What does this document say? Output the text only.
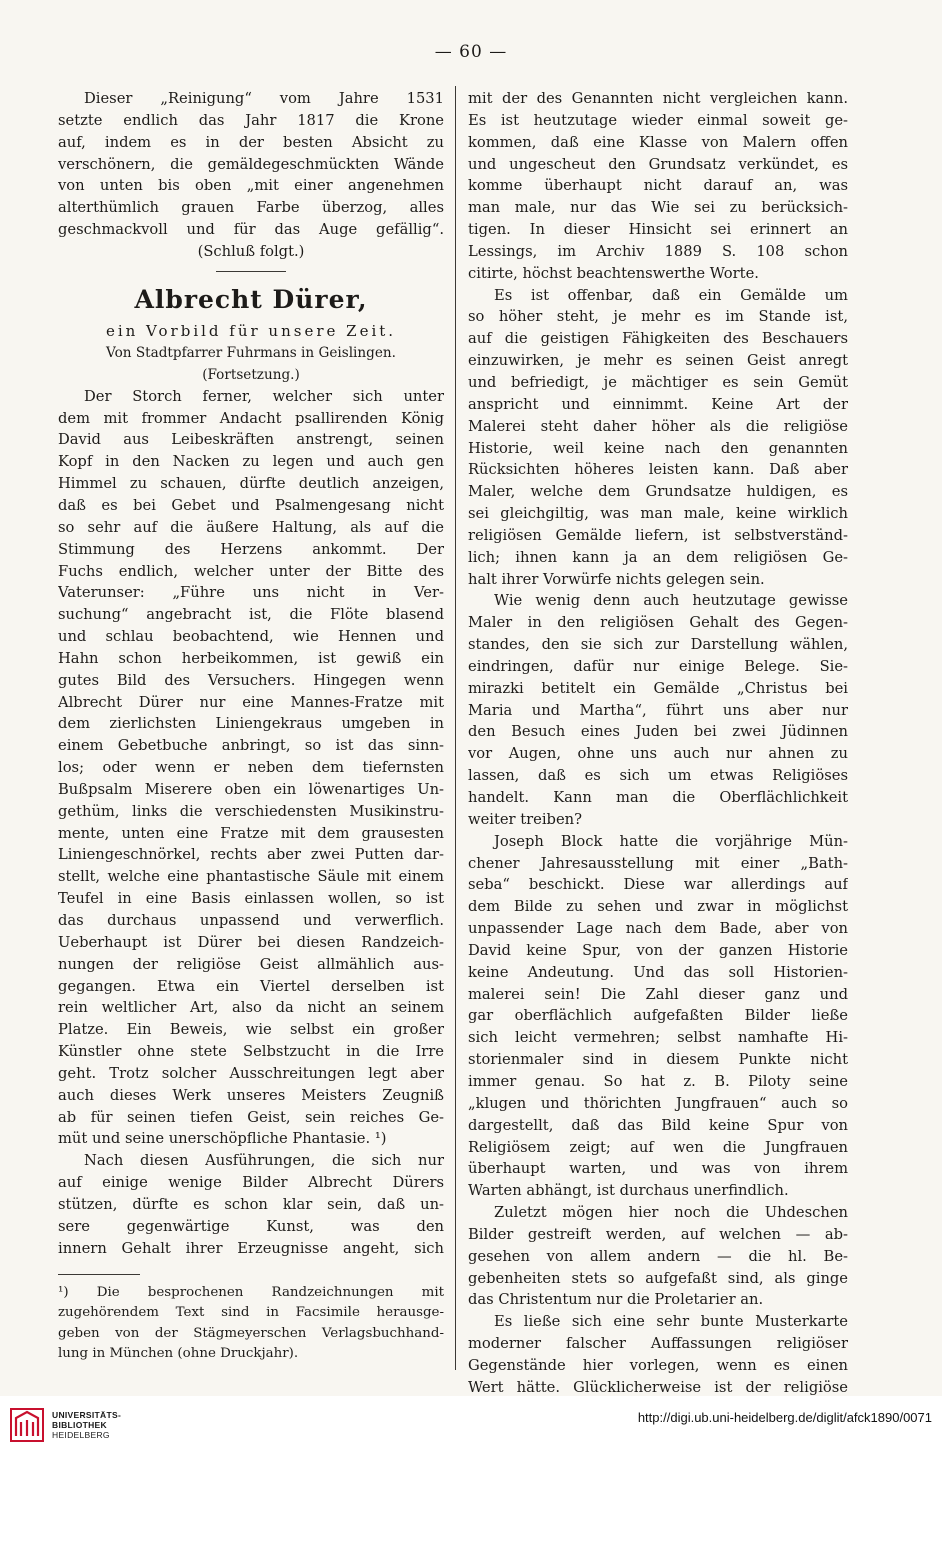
— 60 —
Dieser „Reinigung“ vom Jahre 1531
setzte endlich das Jahr 1817 die Krone
auf, indem es in der besten Absicht zu
verschönern, die gemäldegeschmückten Wände
von unten bis oben „mit einer angenehmen
alterthümlich grauen Farbe überzog, alles
geschmackvoll und für das Auge gefällig“.
(Schluß folgt.)
Albrecht Dürer,
ein Vorbild für unsere Zeit.
Von Stadtpfarrer Fuhrmans in Geislingen.
(Fortsetzung.)
Der Storch ferner, welcher sich unter
dem mit frommer Andacht psallirenden König
David aus Leibeskräften anstrengt, seinen
Kopf in den Nacken zu legen und auch gen
Himmel zu schauen, dürfte deutlich anzeigen,
daß es bei Gebet und Psalmengesang nicht
so sehr auf die äußere Haltung, als auf die
Stimmung des Herzens ankommt. Der
Fuchs endlich, welcher unter der Bitte des
Vaterunser: „Führe uns nicht in Ver-
suchung“ angebracht ist, die Flöte blasend
und schlau beobachtend, wie Hennen und
Hahn schon herbeikommen, ist gewiß ein
gutes Bild des Versuchers. Hingegen wenn
Albrecht Dürer nur eine Mannes-Fratze mit
dem zierlichsten Liniengekraus umgeben in
einem Gebetbuche anbringt, so ist das sinn-
los; oder wenn er neben dem tiefernsten
Bußpsalm Miserere oben ein löwenartiges Un-
gethüm, links die verschiedensten Musikinstru-
mente, unten eine Fratze mit dem grausesten
Liniengeschnörkel, rechts aber zwei Putten dar-
stellt, welche eine phantastische Säule mit einem
Teufel in eine Basis einlassen wollen, so ist
das durchaus unpassend und verwerflich.
Ueberhaupt ist Dürer bei diesen Randzeich-
nungen der religiöse Geist allmählich aus-
gegangen. Etwa ein Viertel derselben ist
rein weltlicher Art, also da nicht an seinem
Platze. Ein Beweis, wie selbst ein großer
Künstler ohne stete Selbstzucht in die Irre
geht. Trotz solcher Ausschreitungen legt aber
auch dieses Werk unseres Meisters Zeugniß
ab für seinen tiefen Geist, sein reiches Ge-
müt und seine unerschöpfliche Phantasie. ¹)
Nach diesen Ausführungen, die sich nur
auf einige wenige Bilder Albrecht Dürers
stützen, dürfte es schon klar sein, daß un-
sere gegenwärtige Kunst, was den
innern Gehalt ihrer Erzeugnisse angeht, sich
¹) Die besprochenen Randzeichnungen mit
zugehörendem Text sind in Facsimile herausge-
geben von der Stägmeyerschen Verlagsbuchhand-
lung in München (ohne Druckjahr).
mit der des Genannten nicht vergleichen kann.
Es ist heutzutage wieder einmal soweit ge-
kommen, daß eine Klasse von Malern offen
und ungescheut den Grundsatz verkündet, es
komme überhaupt nicht darauf an, was
man male, nur das Wie sei zu berücksich-
tigen. In dieser Hinsicht sei erinnert an
Lessings, im Archiv 1889 S. 108 schon
citirte, höchst beachtenswerthe Worte.
Es ist offenbar, daß ein Gemälde um
so höher steht, je mehr es im Stande ist,
auf die geistigen Fähigkeiten des Beschauers
einzuwirken, je mehr es seinen Geist anregt
und befriedigt, je mächtiger es sein Gemüt
anspricht und einnimmt. Keine Art der
Malerei steht daher höher als die religiöse
Historie, weil keine nach den genannten
Rücksichten höheres leisten kann. Daß aber
Maler, welche dem Grundsatze huldigen, es
sei gleichgiltig, was man male, keine wirklich
religiösen Gemälde liefern, ist selbstverständ-
lich; ihnen kann ja an dem religiösen Ge-
halt ihrer Vorwürfe nichts gelegen sein.
Wie wenig denn auch heutzutage gewisse
Maler in den religiösen Gehalt des Gegen-
standes, den sie sich zur Darstellung wählen,
eindringen, dafür nur einige Belege. Sie-
mirazki betitelt ein Gemälde „Christus bei
Maria und Martha“, führt uns aber nur
den Besuch eines Juden bei zwei Jüdinnen
vor Augen, ohne uns auch nur ahnen zu
lassen, daß es sich um etwas Religiöses
handelt. Kann man die Oberflächlichkeit
weiter treiben?
Joseph Block hatte die vorjährige Mün-
chener Jahresausstellung mit einer „Bath-
seba“ beschickt. Diese war allerdings auf
dem Bilde zu sehen und zwar in möglichst
unpassender Lage nach dem Bade, aber von
David keine Spur, von der ganzen Historie
keine Andeutung. Und das soll Historien-
malerei sein! Die Zahl dieser ganz und
gar oberflächlich aufgefaßten Bilder ließe
sich leicht vermehren; selbst namhafte Hi-
storienmaler sind in diesem Punkte nicht
immer genau. So hat z. B. Piloty seine
„klugen und thörichten Jungfrauen“ auch so
dargestellt, daß das Bild keine Spur von
Religiösem zeigt; auf wen die Jungfrauen
überhaupt warten, und was von ihrem
Warten abhängt, ist durchaus unerfindlich.
Zuletzt mögen hier noch die Uhdeschen
Bilder gestreift werden, auf welchen — ab-
gesehen von allem andern — die hl. Be-
gebenheiten stets so aufgefaßt sind, als ginge
das Christentum nur die Proletarier an.
Es ließe sich eine sehr bunte Musterkarte
moderner falscher Auffassungen religiöser
Gegenstände hier vorlegen, wenn es einen
Wert hätte. Glücklicherweise ist der religiöse
UNIVERSITÄTS-
BIBLIOTHEK
HEIDELBERG
http://digi.ub.uni-heidelberg.de/diglit/afck1890/0071
